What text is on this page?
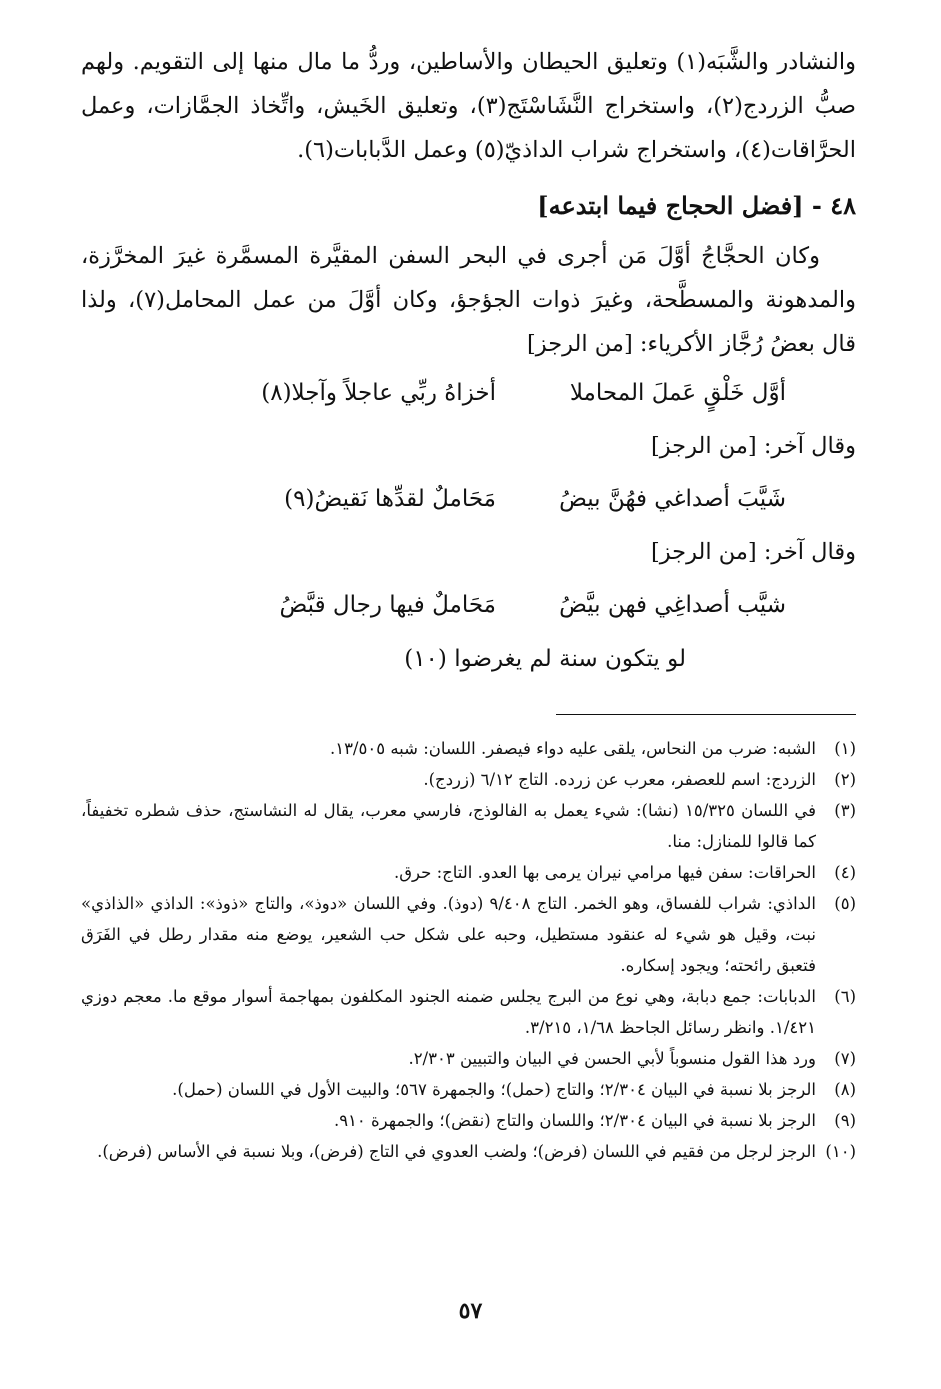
والنشادر والشَّبَه(١) وتعليق الحيطان والأساطين، وردُّ ما مال منها إلى التقويم. ولهم صبُّ الزردج(٢)، واستخراج النَّشَاسْتَج(٣)، وتعليق الخَيش، واتِّخاذ الجمَّازات، وعمل الحرَّاقات(٤)، واستخراج شراب الداذيّ(٥) وعمل الدَّبابات(٦).

٤٨ - [فضل الحجاج فيما ابتدعه]

وكان الحجَّاجُ أوَّلَ مَن أجرى في البحر السفن المقيَّرة المسمَّرة غيرَ المخرَّزة، والمدهونة والمسطَّحة، وغيرَ ذوات الجؤجؤ، وكان أوَّلَ من عمل المحامل(٧)، ولذا قال بعضُ رُجَّاز الأكرياء: [من الرجز]

أوَّل خَلْقٍ عَملَ المحاملا
أخزاهُ ربِّي عاجلاً وآجلا(٨)

وقال آخر: [من الرجز]

شَيَّبَ أصداغي فهُنَّ بيضُ
مَحَاملٌ لقدِّها نَقيضُ(٩)

وقال آخر: [من الرجز]

شيَّب أصداغِي فهن بيَّضُ
مَحَاملٌ فيها رجال قبَّضُ
لو يتكون سنة لم يغرضوا (١٠)
(١)
الشبه: ضرب من النحاس، يلقى عليه دواء فيصفر. اللسان: شبه ١٣/٥٠٥.
(٢)
الزردج: اسم للعصفر، معرب عن زرده. التاج ٦/١٢ (زردج).
(٣)
في اللسان ١٥/٣٢٥ (نشا): شيء يعمل به الفالوذج، فارسي معرب، يقال له النشاستج، حذف شطره تخفيفاً، كما قالوا للمنازل: منا.
(٤)
الحراقات: سفن فيها مرامي نيران يرمى بها العدو. التاج: حرق.
(٥)
الداذي: شراب للفساق، وهو الخمر. التاج ٩/٤٠٨ (دوذ). وفي اللسان «دوذ»، والتاج «ذوذ»: الداذي «الذاذي» نبت، وقيل هو شيء له عنقود مستطيل، وحبه على شكل حب الشعير، يوضع منه مقدار رطل في الفَرَق فتعبق رائحته؛ ويجود إسكاره.
(٦)
الدبابات: جمع دبابة، وهي نوع من البرج يجلس ضمنه الجنود المكلفون بمهاجمة أسوار موقع ما. معجم دوزي ١/٤٢١. وانظر رسائل الجاحظ ١/٦٨، ٣/٢١٥.
(٧)
ورد هذا القول منسوباً لأبي الحسن في البيان والتبيين ٢/٣٠٣.
(٨)
الرجز بلا نسبة في البيان ٢/٣٠٤؛ والتاج (حمل)؛ والجمهرة ٥٦٧؛ والبيت الأول في اللسان (حمل).
(٩)
الرجز بلا نسبة في البيان ٢/٣٠٤؛ واللسان والتاج (نقض)؛ والجمهرة ٩١٠.
(١٠)
الرجز لرجل من فقيم في اللسان (فرض)؛ ولضب العدوي في التاج (فرض)، وبلا نسبة في الأساس (فرض).
٥٧
